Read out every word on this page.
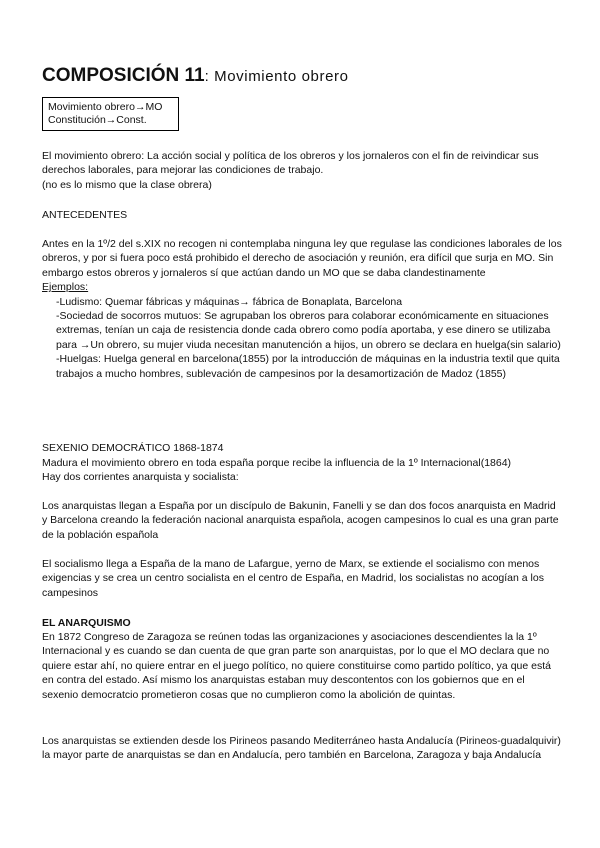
COMPOSICIÓN 11: Movimiento obrero
Movimiento obrero→MO
Constitución→Const.

El movimiento obrero: La acción social y política de los obreros y los jornaleros con el fin de reivindicar sus derechos laborales, para mejorar las condiciones de trabajo.

(no es lo mismo que la clase obrera)

ANTECEDENTES

Antes en la 1º/2 del s.XIX no recogen ni contemplaba ninguna ley que regulase las condiciones laborales de los obreros, y por si fuera poco está prohibido el derecho de asociación y reunión, era difícil que surja en MO. Sin embargo estos obreros y jornaleros sí que actúan dando un MO que se daba clandestinamente

Ejemplos:

-Ludismo: Quemar fábricas y máquinas→ fábrica de Bonaplata, Barcelona

-Sociedad de socorros mutuos: Se agrupaban los obreros para colaborar económicamente en situaciones extremas, tenían un caja de resistencia donde cada obrero como podía aportaba, y ese dinero se utilizaba para →Un obrero, su mujer viuda necesitan manutención a hijos, un obrero se declara en huelga(sin salario)

-Huelgas: Huelga general en barcelona(1855) por la introducción de máquinas en la industria textil que quita trabajos a mucho hombres, sublevación de campesinos por la desamortización de Madoz (1855)

SEXENIO DEMOCRÁTICO 1868-1874

Madura el movimiento obrero en toda españa porque recibe la influencia de la 1º Internacional(1864)

Hay dos corrientes anarquista y socialista:

Los anarquistas llegan a España por un discípulo de Bakunin, Fanelli y se dan dos focos anarquista en Madrid y Barcelona creando la federación nacional anarquista española, acogen campesinos lo cual es una gran parte de la población española
El socialismo llega a España de la mano de Lafargue, yerno de Marx, se extiende el socialismo con menos exigencias y se crea un centro socialista en el centro de España, en Madrid, los socialistas no acogían a los campesinos
EL ANARQUISMO
En 1872 Congreso de Zaragoza se reúnen todas las organizaciones y asociaciones descendientes la la 1º Internacional y es cuando se dan cuenta de que gran parte son anarquistas, por lo que el MO declara que no quiere estar ahí, no quiere entrar en el juego político, no quiere constituirse como partido político, ya que está en contra del estado. Así mismo los anarquistas estaban muy descontentos con los gobiernos que en el sexenio democratcio prometieron cosas que no cumplieron como la abolición de quintas.
Los anarquistas se extienden desde los Pirineos pasando Mediterráneo hasta Andalucía (Pirineos-guadalquivir) la mayor parte de anarquistas se dan en Andalucía, pero también en Barcelona, Zaragoza y baja Andalucía
